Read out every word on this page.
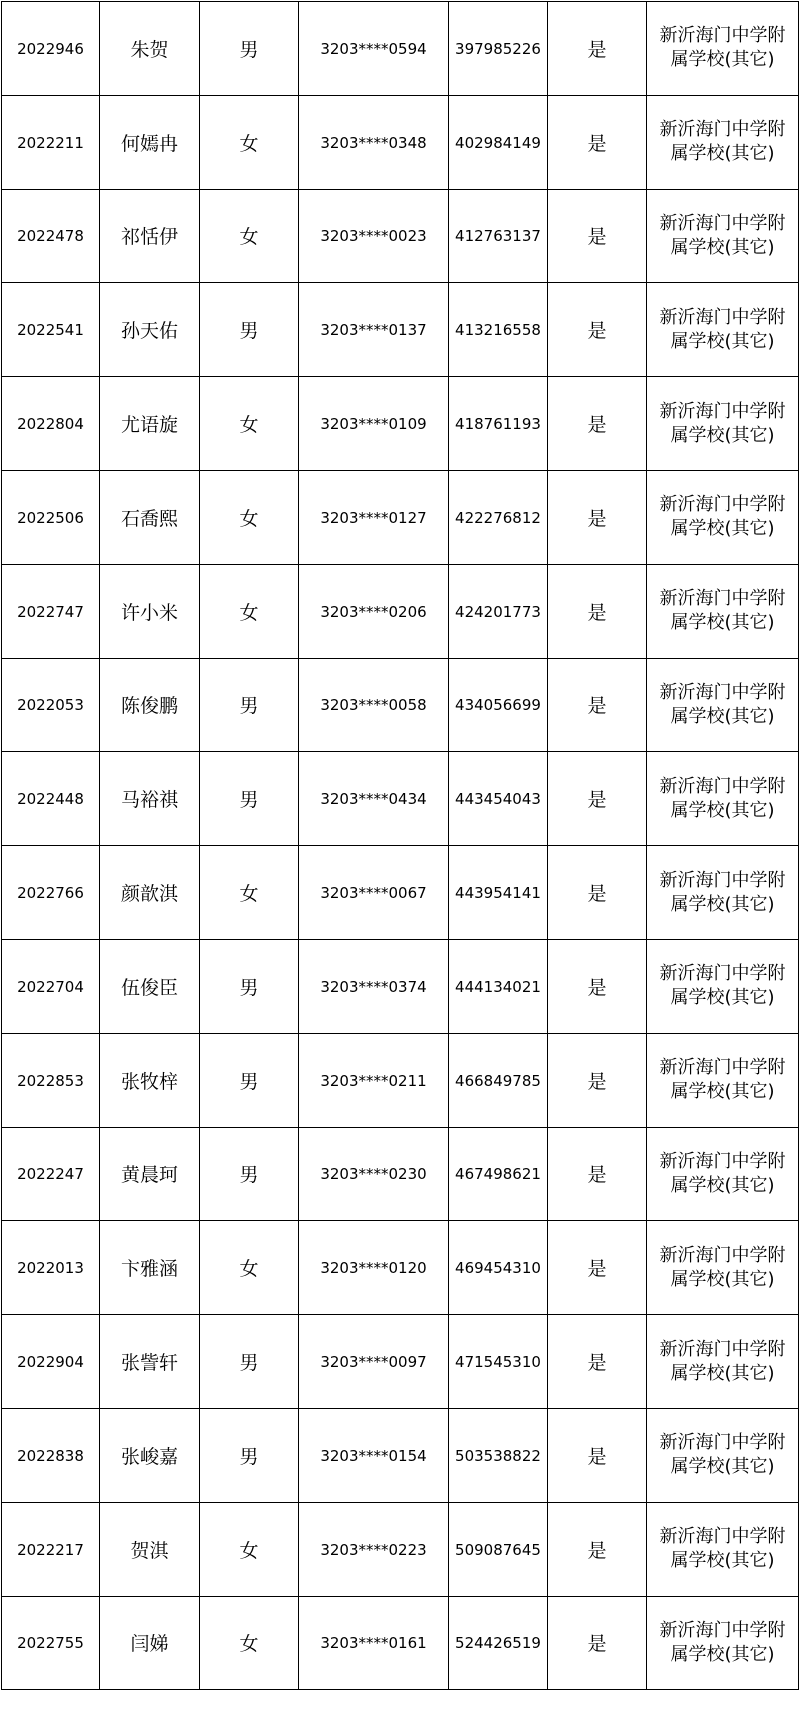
2022946	朱贺	男	3203****0594	397985226	是	新沂海门中学附
属学校(其它)

2022211	何嫣冉	女	3203****0348	402984149	是	新沂海门中学附
属学校(其它)

2022478	祁恬伊	女	3203****0023	412763137	是	新沂海门中学附
属学校(其它)

2022541	孙天佑	男	3203****0137	413216558	是	新沂海门中学附
属学校(其它)

2022804	尤语旋	女	3203****0109	418761193	是	新沂海门中学附
属学校(其它)

2022506	石喬熙	女	3203****0127	422276812	是	新沂海门中学附
属学校(其它)

2022747	许小米	女	3203****0206	424201773	是	新沂海门中学附
属学校(其它)

2022053	陈俊鹏	男	3203****0058	434056699	是	新沂海门中学附
属学校(其它)

2022448	马裕祺	男	3203****0434	443454043	是	新沂海门中学附
属学校(其它)

2022766	颜歆淇	女	3203****0067	443954141	是	新沂海门中学附
属学校(其它)

2022704	伍俊臣	男	3203****0374	444134021	是	新沂海门中学附
属学校(其它)

2022853	张牧梓	男	3203****0211	466849785	是	新沂海门中学附
属学校(其它)

2022247	黄晨珂	男	3203****0230	467498621	是	新沂海门中学附
属学校(其它)

2022013	卞雅涵	女	3203****0120	469454310	是	新沂海门中学附
属学校(其它)

2022904	张訾轩	男	3203****0097	471545310	是	新沂海门中学附
属学校(其它)

2022838	张峻嘉	男	3203****0154	503538822	是	新沂海门中学附
属学校(其它)

2022217	贺淇	女	3203****0223	509087645	是	新沂海门中学附
属学校(其它)

2022755	闫娣	女	3203****0161	524426519	是	新沂海门中学附
属学校(其它)
